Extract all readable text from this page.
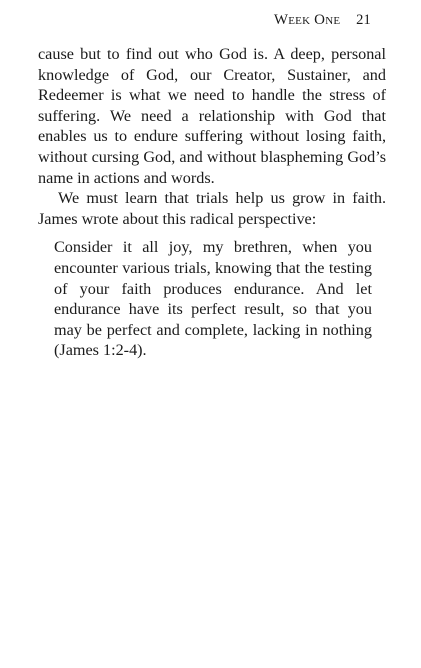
Week One 21

cause but to find out who God is. A deep, personal knowledge of God, our Creator, Sustainer, and Redeemer is what we need to handle the stress of suffering. We need a relationship with God that enables us to endure suffering without losing faith, without cursing God, and without blaspheming God’s name in actions and words.

We must learn that trials help us grow in faith. James wrote about this radical perspective:

Consider it all joy, my brethren, when you encounter various trials, knowing that the testing of your faith produces endurance. And let endurance have its perfect result, so that you may be perfect and complete, lacking in nothing (James 1:2-4).
